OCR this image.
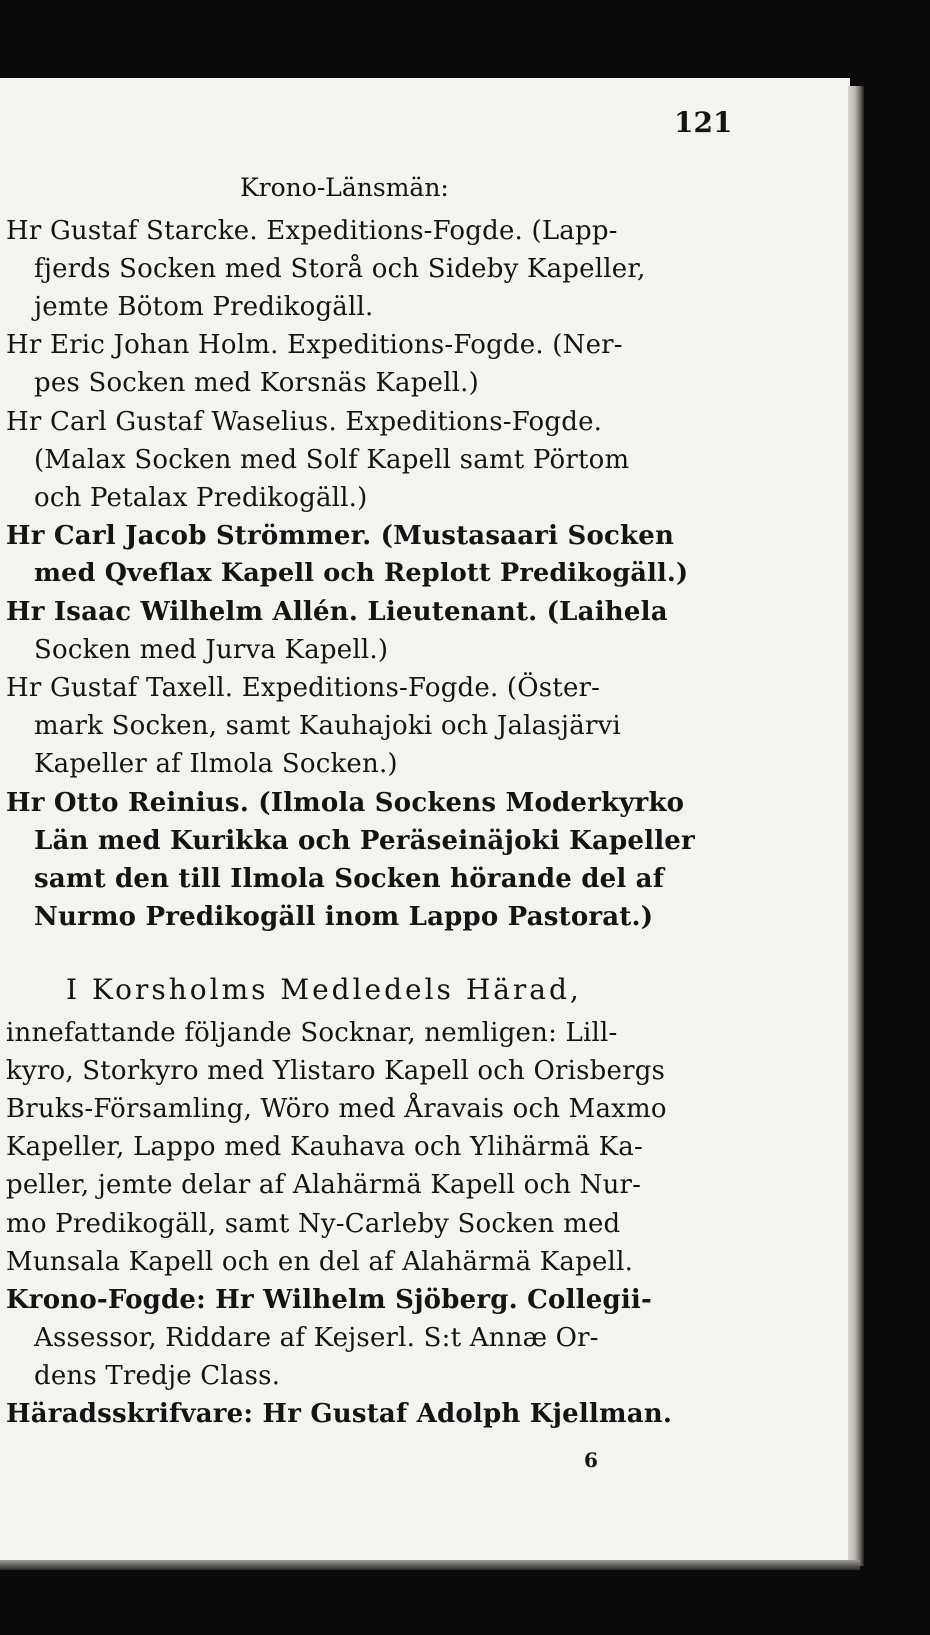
121
Krono-Länsmän:
Hr Gustaf Starcke. Expeditions-Fogde. (Lapp-
fjerds Socken med Storå och Sideby Kapeller,
jemte Bötom Predikogäll.
Hr Eric Johan Holm. Expeditions-Fogde. (Ner-
pes Socken med Korsnäs Kapell.)
Hr Carl Gustaf Waselius. Expeditions-Fogde.
(Malax Socken med Solf Kapell samt Pörtom
och Petalax Predikogäll.)
Hr Carl Jacob Strömmer. (Mustasaari Socken
med Qveflax Kapell och Replott Predikogäll.)
Hr Isaac Wilhelm Allén. Lieutenant. (Laihela
Socken med Jurva Kapell.)
Hr Gustaf Taxell. Expeditions-Fogde. (Öster-
mark Socken, samt Kauhajoki och Jalasjärvi
Kapeller af Ilmola Socken.)
Hr Otto Reinius. (Ilmola Sockens Moderkyrko
Län med Kurikka och Peräseinäjoki Kapeller
samt den till Ilmola Socken hörande del af
Nurmo Predikogäll inom Lappo Pastorat.)
I Korsholms Medledels Härad,
innefattande följande Socknar, nemligen: Lill-
kyro, Storkyro med Ylistaro Kapell och Orisbergs
Bruks-Församling, Wöro med Åravais och Maxmo
Kapeller, Lappo med Kauhava och Ylihärmä Ka-
peller, jemte delar af Alahärmä Kapell och Nur-
mo Predikogäll, samt Ny-Carleby Socken med
Munsala Kapell och en del af Alahärmä Kapell.
Krono-Fogde: Hr Wilhelm Sjöberg. Collegii-
Assessor, Riddare af Kejserl. S:t Annæ Or-
dens Tredje Class.
Häradsskrifvare: Hr Gustaf Adolph Kjellman.
6
